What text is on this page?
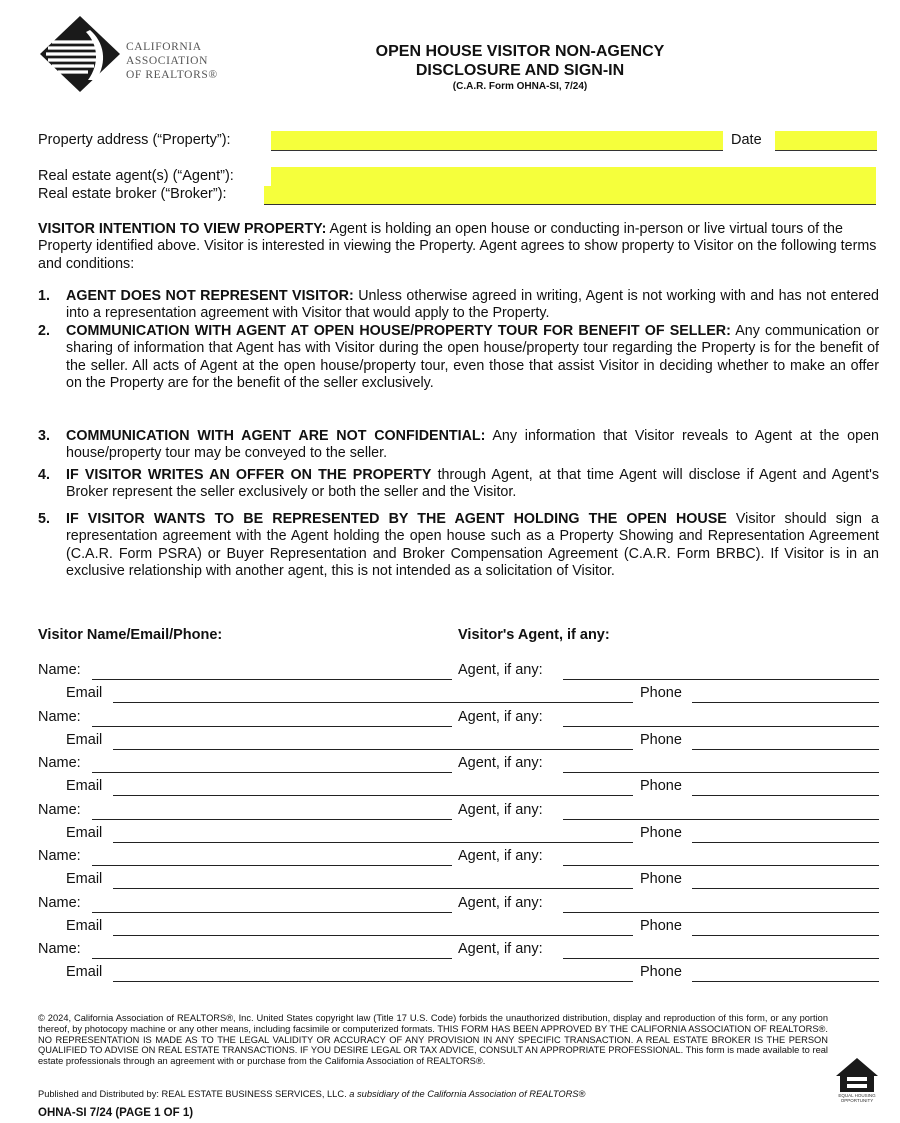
CALIFORNIA
ASSOCIATION
OF REALTORS®
OPEN HOUSE VISITOR NON-AGENCY
DISCLOSURE AND SIGN-IN
(C.A.R. Form OHNA-SI, 7/24)
Property address (“Property”):	Date
Real estate agent(s) (“Agent”):
Real estate broker (“Broker”):
VISITOR INTENTION TO VIEW PROPERTY: Agent is holding an open house or conducting in-person or live virtual tours of the Property identified above. Visitor is interested in viewing the Property. Agent agrees to show property to Visitor on the following terms and conditions:
1. AGENT DOES NOT REPRESENT VISITOR: Unless otherwise agreed in writing, Agent is not working with and has not entered into a representation agreement with Visitor that would apply to the Property.
2. COMMUNICATION WITH AGENT AT OPEN HOUSE/PROPERTY TOUR FOR BENEFIT OF SELLER: Any communication or sharing of information that Agent has with Visitor during the open house/property tour regarding the Property is for the benefit of the seller. All acts of Agent at the open house/property tour, even those that assist Visitor in deciding whether to make an offer on the Property are for the benefit of the seller exclusively.
3. COMMUNICATION WITH AGENT ARE NOT CONFIDENTIAL: Any information that Visitor reveals to Agent at the open house/property tour may be conveyed to the seller.
4. IF VISITOR WRITES AN OFFER ON THE PROPERTY through Agent, at that time Agent will disclose if Agent and Agent's Broker represent the seller exclusively or both the seller and the Visitor.
5. IF VISITOR WANTS TO BE REPRESENTED BY THE AGENT HOLDING THE OPEN HOUSE Visitor should sign a representation agreement with the Agent holding the open house such as a Property Showing and Representation Agreement (C.A.R. Form PSRA) or Buyer Representation and Broker Compensation Agreement (C.A.R. Form BRBC). If Visitor is in an exclusive relationship with another agent, this is not intended as a solicitation of Visitor.
Visitor Name/Email/Phone:	Visitor's Agent, if any:
Name:	Agent, if any:
Email	Phone
Name:	Agent, if any:
Email	Phone
Name:	Agent, if any:
Email	Phone
Name:	Agent, if any:
Email	Phone
Name:	Agent, if any:
Email	Phone
Name:	Agent, if any:
Email	Phone
Name:	Agent, if any:
Email	Phone
© 2024, California Association of REALTORS®, Inc. United States copyright law (Title 17 U.S. Code) forbids the unauthorized distribution, display and reproduction of this form, or any portion thereof, by photocopy machine or any other means, including facsimile or computerized formats. THIS FORM HAS BEEN APPROVED BY THE CALIFORNIA ASSOCIATION OF REALTORS®. NO REPRESENTATION IS MADE AS TO THE LEGAL VALIDITY OR ACCURACY OF ANY PROVISION IN ANY SPECIFIC TRANSACTION. A REAL ESTATE BROKER IS THE PERSON QUALIFIED TO ADVISE ON REAL ESTATE TRANSACTIONS. IF YOU DESIRE LEGAL OR TAX ADVICE, CONSULT AN APPROPRIATE PROFESSIONAL. This form is made available to real estate professionals through an agreement with or purchase from the California Association of REALTORS®.
Published and Distributed by: REAL ESTATE BUSINESS SERVICES, LLC. a subsidiary of the California Association of REALTORS®
OHNA-SI 7/24 (PAGE 1 OF 1)
EQUAL HOUSING OPPORTUNITY
